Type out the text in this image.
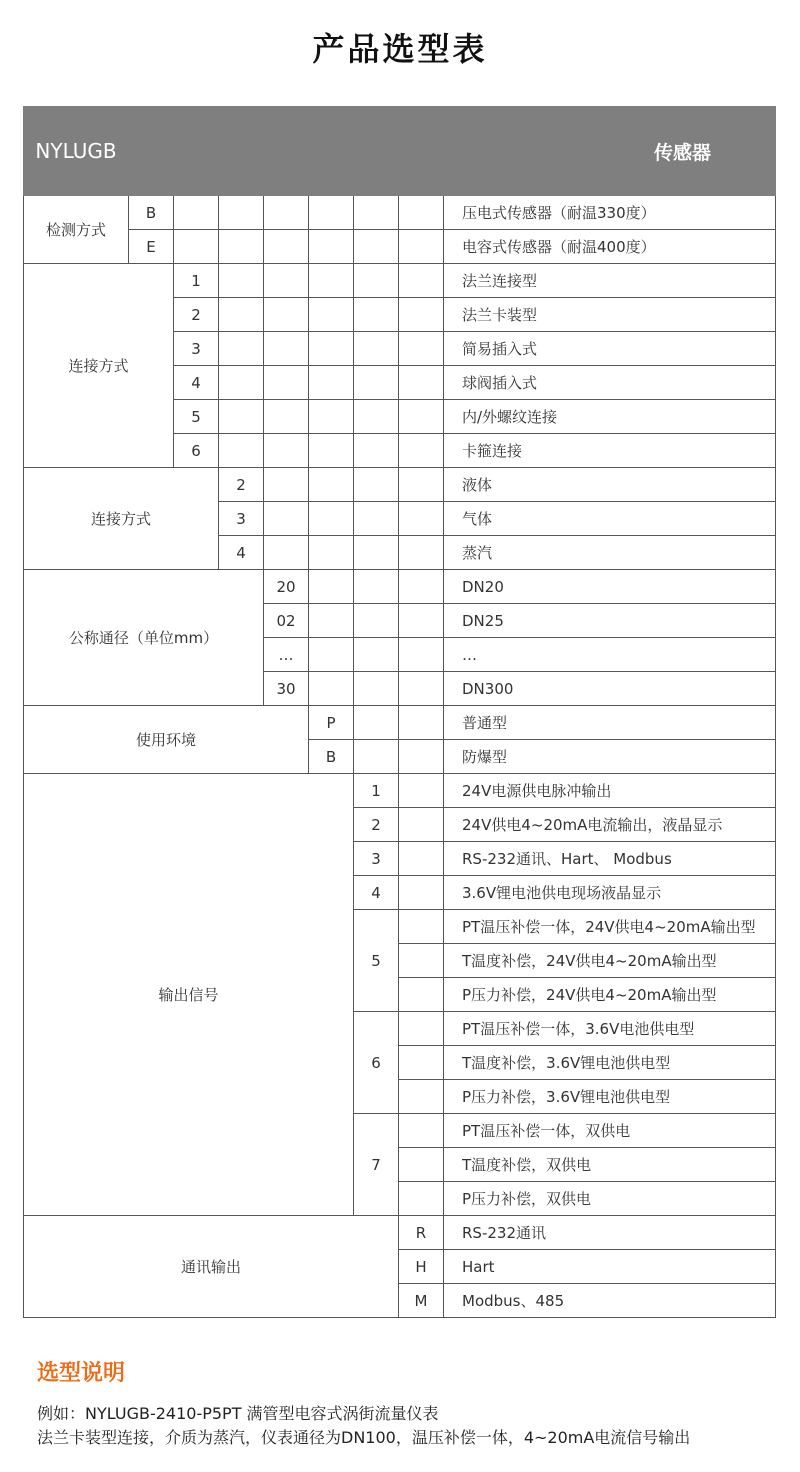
产品选型表
NYLUGB	传感器							
检测方式	B							压电式传感器（耐温330度）
	E							电容式传感器（耐温400度）
连接方式		1						法兰连接型
		2						法兰卡装型
		3						简易插入式
		4						球阀插入式
		5						内/外螺纹连接
		6						卡箍连接
连接方式			2					液体
			3					气体
			4					蒸汽
公称通径（单位mm）				20				DN20
				02				DN25
				…				…
				30				DN300
使用环境					P			普通型
					B			防爆型
输出信号						1		24V电源供电脉冲输出
						2		24V供电4~20mA电流输出，液晶显示
						3		RS-232通讯、Hart、 Modbus
						4		3.6V锂电池供电现场液晶显示
						5		PT温压补偿一体，24V供电4~20mA输出型
								T温度补偿，24V供电4~20mA输出型
								P压力补偿，24V供电4~20mA输出型
						6		PT温压补偿一体，3.6V电池供电型
								T温度补偿，3.6V锂电池供电型
								P压力补偿，3.6V锂电池供电型
						7		PT温压补偿一体，双供电
								T温度补偿，双供电
								P压力补偿，双供电
通讯输出							R	RS-232通讯
							H	Hart
							M	Modbus、485
选型说明
例如：NYLUGB-2410-P5PT 满管型电容式涡街流量仪表
法兰卡装型连接，介质为蒸汽，仪表通径为DN100，温压补偿一体，4~20mA电流信号输出
